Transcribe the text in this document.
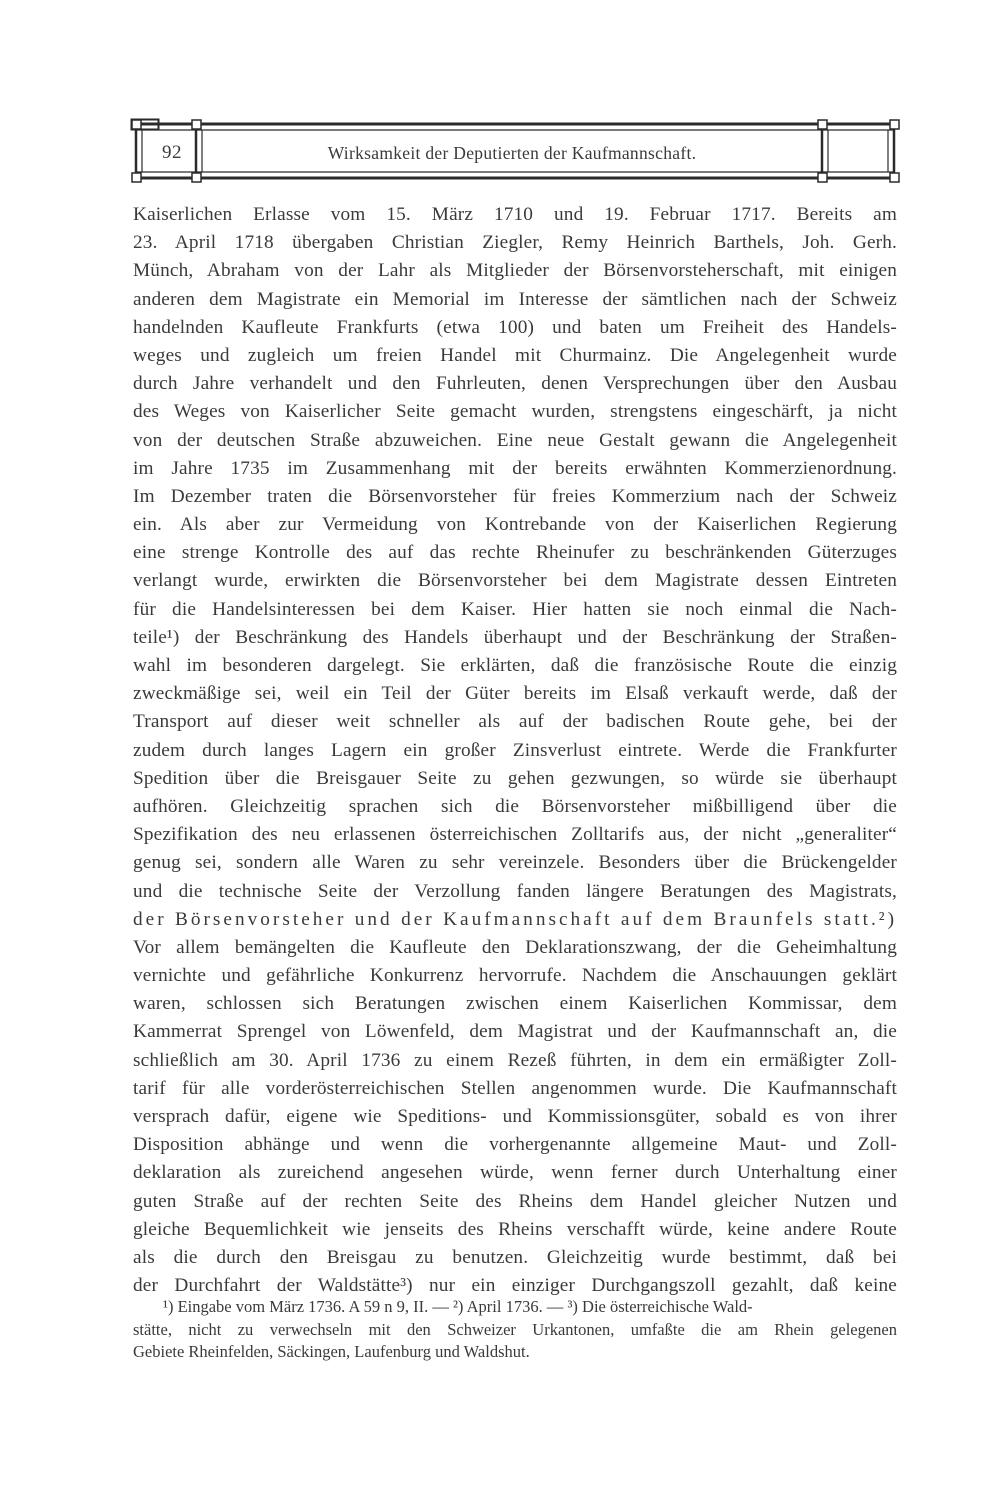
92	Wirksamkeit der Deputierten der Kaufmannschaft.
Kaiserlichen Erlasse vom 15. März 1710 und 19. Februar 1717. Bereits am
23. April 1718 übergaben Christian Ziegler, Remy Heinrich Barthels, Joh. Gerh.
Münch, Abraham von der Lahr als Mitglieder der Börsenvorsteherschaft, mit einigen
anderen dem Magistrate ein Memorial im Interesse der sämtlichen nach der Schweiz
handelnden Kaufleute Frankfurts (etwa 100) und baten um Freiheit des Handels-
weges und zugleich um freien Handel mit Churmainz. Die Angelegenheit wurde
durch Jahre verhandelt und den Fuhrleuten, denen Versprechungen über den Ausbau
des Weges von Kaiserlicher Seite gemacht wurden, strengstens eingeschärft, ja nicht
von der deutschen Straße abzuweichen. Eine neue Gestalt gewann die Angelegenheit
im Jahre 1735 im Zusammenhang mit der bereits erwähnten Kommerzienordnung.
Im Dezember traten die Börsenvorsteher für freies Kommerzium nach der Schweiz
ein. Als aber zur Vermeidung von Kontrebande von der Kaiserlichen Regierung
eine strenge Kontrolle des auf das rechte Rheinufer zu beschränkenden Güterzuges
verlangt wurde, erwirkten die Börsenvorsteher bei dem Magistrate dessen Eintreten
für die Handelsinteressen bei dem Kaiser. Hier hatten sie noch einmal die Nach-
teile¹) der Beschränkung des Handels überhaupt und der Beschränkung der Straßen-
wahl im besonderen dargelegt. Sie erklärten, daß die französische Route die einzig
zweckmäßige sei, weil ein Teil der Güter bereits im Elsaß verkauft werde, daß der
Transport auf dieser weit schneller als auf der badischen Route gehe, bei der
zudem durch langes Lagern ein großer Zinsverlust eintrete. Werde die Frankfurter
Spedition über die Breisgauer Seite zu gehen gezwungen, so würde sie überhaupt
aufhören. Gleichzeitig sprachen sich die Börsenvorsteher mißbilligend über die
Spezifikation des neu erlassenen österreichischen Zolltarifs aus, der nicht „generaliter“
genug sei, sondern alle Waren zu sehr vereinzele. Besonders über die Brückengelder
und die technische Seite der Verzollung fanden längere Beratungen des Magistrats,
der Börsenvorsteher und der Kaufmannschaft auf dem Braunfels statt.²)
Vor allem bemängelten die Kaufleute den Deklarationszwang, der die Geheimhaltung
vernichte und gefährliche Konkurrenz hervorrufe. Nachdem die Anschauungen geklärt
waren, schlossen sich Beratungen zwischen einem Kaiserlichen Kommissar, dem
Kammerrat Sprengel von Löwenfeld, dem Magistrat und der Kaufmannschaft an, die
schließlich am 30. April 1736 zu einem Rezeß führten, in dem ein ermäßigter Zoll-
tarif für alle vorderösterreichischen Stellen angenommen wurde. Die Kaufmannschaft
versprach dafür, eigene wie Speditions- und Kommissionsgüter, sobald es von ihrer
Disposition abhänge und wenn die vorhergenannte allgemeine Maut- und Zoll-
deklaration als zureichend angesehen würde, wenn ferner durch Unterhaltung einer
guten Straße auf der rechten Seite des Rheins dem Handel gleicher Nutzen und
gleiche Bequemlichkeit wie jenseits des Rheins verschafft würde, keine andere Route
als die durch den Breisgau zu benutzen. Gleichzeitig wurde bestimmt, daß bei
der Durchfahrt der Waldstätte³) nur ein einziger Durchgangszoll gezahlt, daß keine
¹) Eingabe vom März 1736. A 59 n 9, II. — ²) April 1736. — ³) Die österreichische Wald-
stätte, nicht zu verwechseln mit den Schweizer Urkantonen, umfaßte die am Rhein gelegenen
Gebiete Rheinfelden, Säckingen, Laufenburg und Waldshut.
